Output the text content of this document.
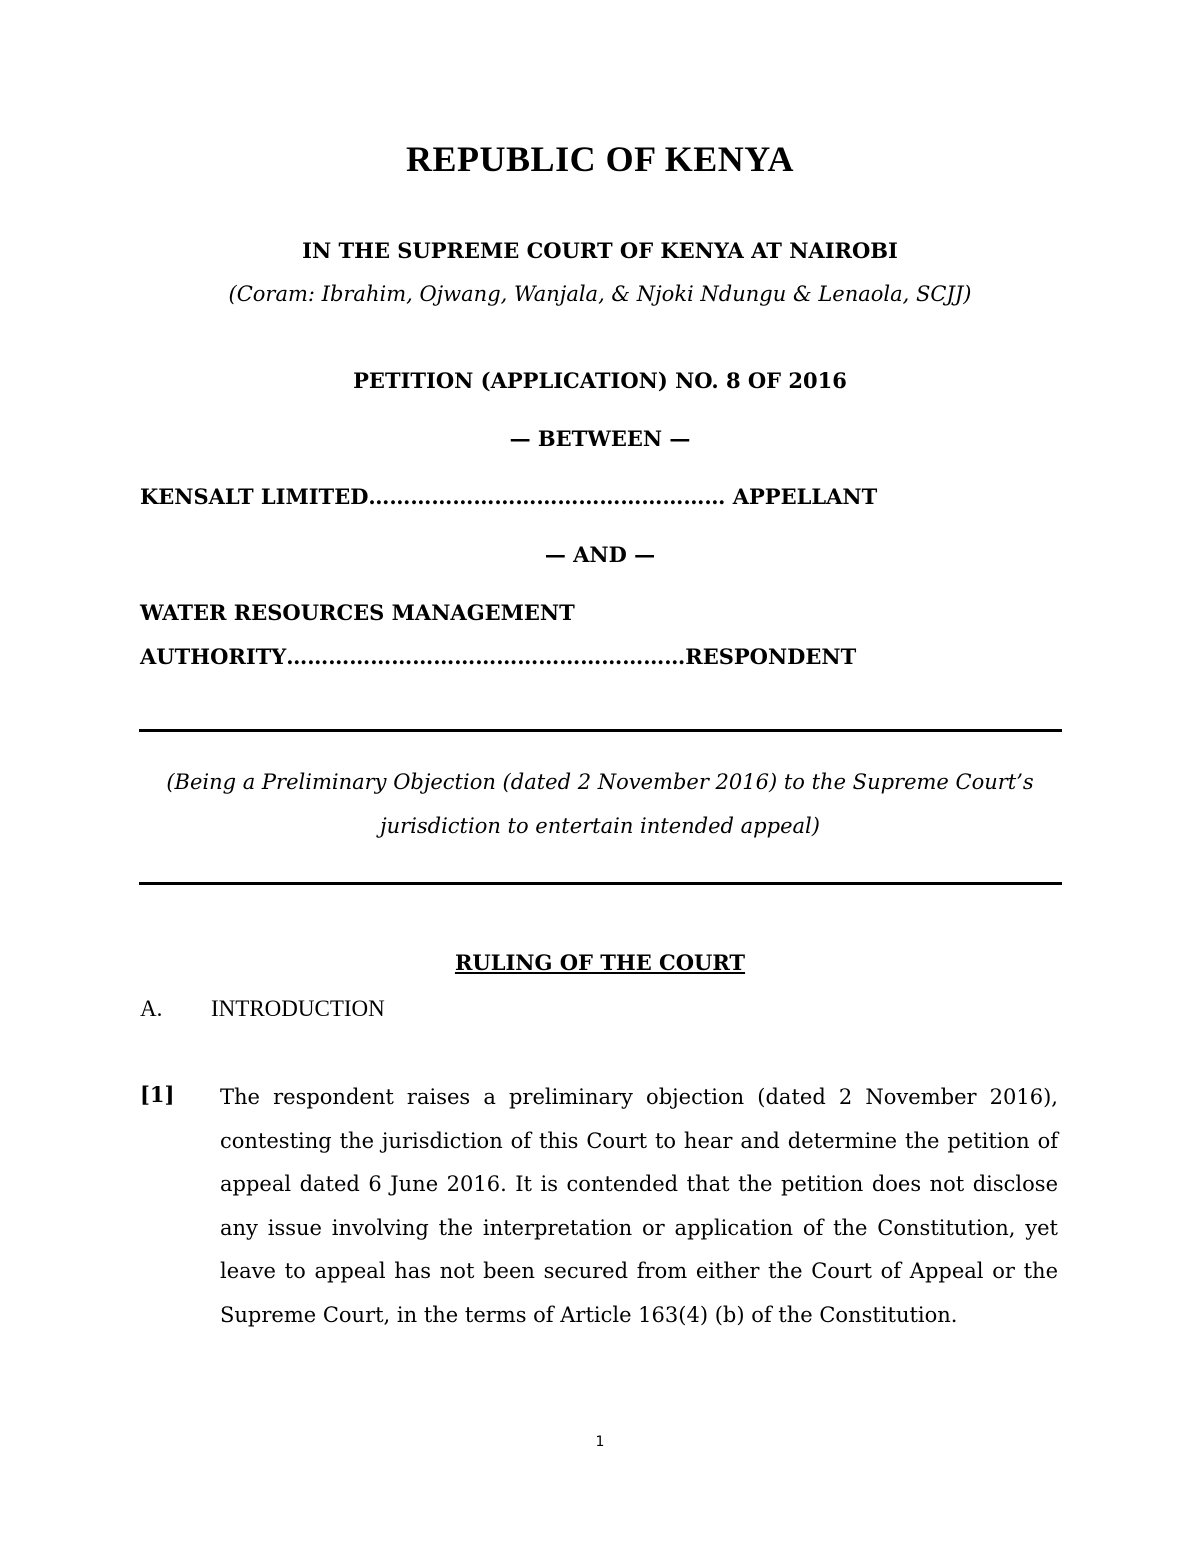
REPUBLIC OF KENYA

IN THE SUPREME COURT OF KENYA AT NAIROBI

(Coram: Ibrahim, Ojwang, Wanjala, & Njoki Ndungu & Lenaola, SCJJ)

PETITION (APPLICATION) NO. 8 OF 2016

— BETWEEN —

KENSALT LIMITED…………………………………………… APPELLANT

— AND —

WATER RESOURCES MANAGEMENT

AUTHORITY…………………………………………………RESPONDENT

(Being a Preliminary Objection (dated 2 November 2016) to the Supreme Court’s jurisdiction to entertain intended appeal)

RULING OF THE COURT
A. INTRODUCTION
[1] The respondent raises a preliminary objection (dated 2 November 2016), contesting the jurisdiction of this Court to hear and determine the petition of appeal dated 6 June 2016. It is contended that the petition does not disclose any issue involving the interpretation or application of the Constitution, yet leave to appeal has not been secured from either the Court of Appeal or the Supreme Court, in the terms of Article 163(4) (b) of the Constitution.

1
